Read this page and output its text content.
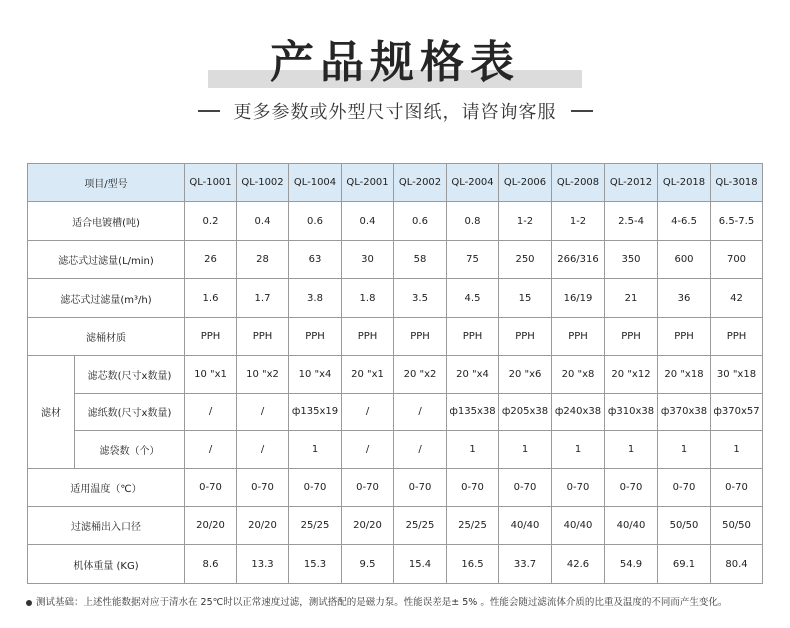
产品规格表
更多参数或外型尺寸图纸，请咨询客服
项目/型号		QL-1001	QL-1002	QL-1004	QL-2001	QL-2002	QL-2004	QL-2006	QL-2008	QL-2012	QL-2018	QL-3018
适合电镀槽(吨)		0.2	0.4	0.6	0.4	0.6	0.8	1-2	1-2	2.5-4	4-6.5	6.5-7.5
滤芯式过滤量(L/min)		26	28	63	30	58	75	250	266/316	350	600	700
滤芯式过滤量(m³/h)		1.6	1.7	3.8	1.8	3.5	4.5	15	16/19	21	36	42
滤桶材质		PPH	PPH	PPH	PPH	PPH	PPH	PPH	PPH	PPH	PPH	PPH
滤材	滤芯数(尺寸x数量)	10 "x1	10 "x2	10 "x4	20 "x1	20 "x2	20 "x4	20 "x6	20 "x8	20 "x12	20 "x18	30 "x18
	滤纸数(尺寸x数量)	/	/	ф135x19	/	/	ф135x38	ф205x38	ф240x38	ф310x38	ф370x38	ф370x57
	滤袋数（个）	/	/	1	/	/	1	1	1	1	1	1
适用温度（℃）		0-70	0-70	0-70	0-70	0-70	0-70	0-70	0-70	0-70	0-70	0-70
过滤桶出入口径		20/20	20/20	25/25	20/20	25/25	25/25	40/40	40/40	40/40	50/50	50/50
机体重量 (KG)		8.6	13.3	15.3	9.5	15.4	16.5	33.7	42.6	54.9	69.1	80.4
测试基础：上述性能数据对应于清水在 25℃时以正常速度过滤，测试搭配的是磁力泵。性能误差是± 5% 。性能会随过滤流体介质的比重及温度的不同而产生变化。
